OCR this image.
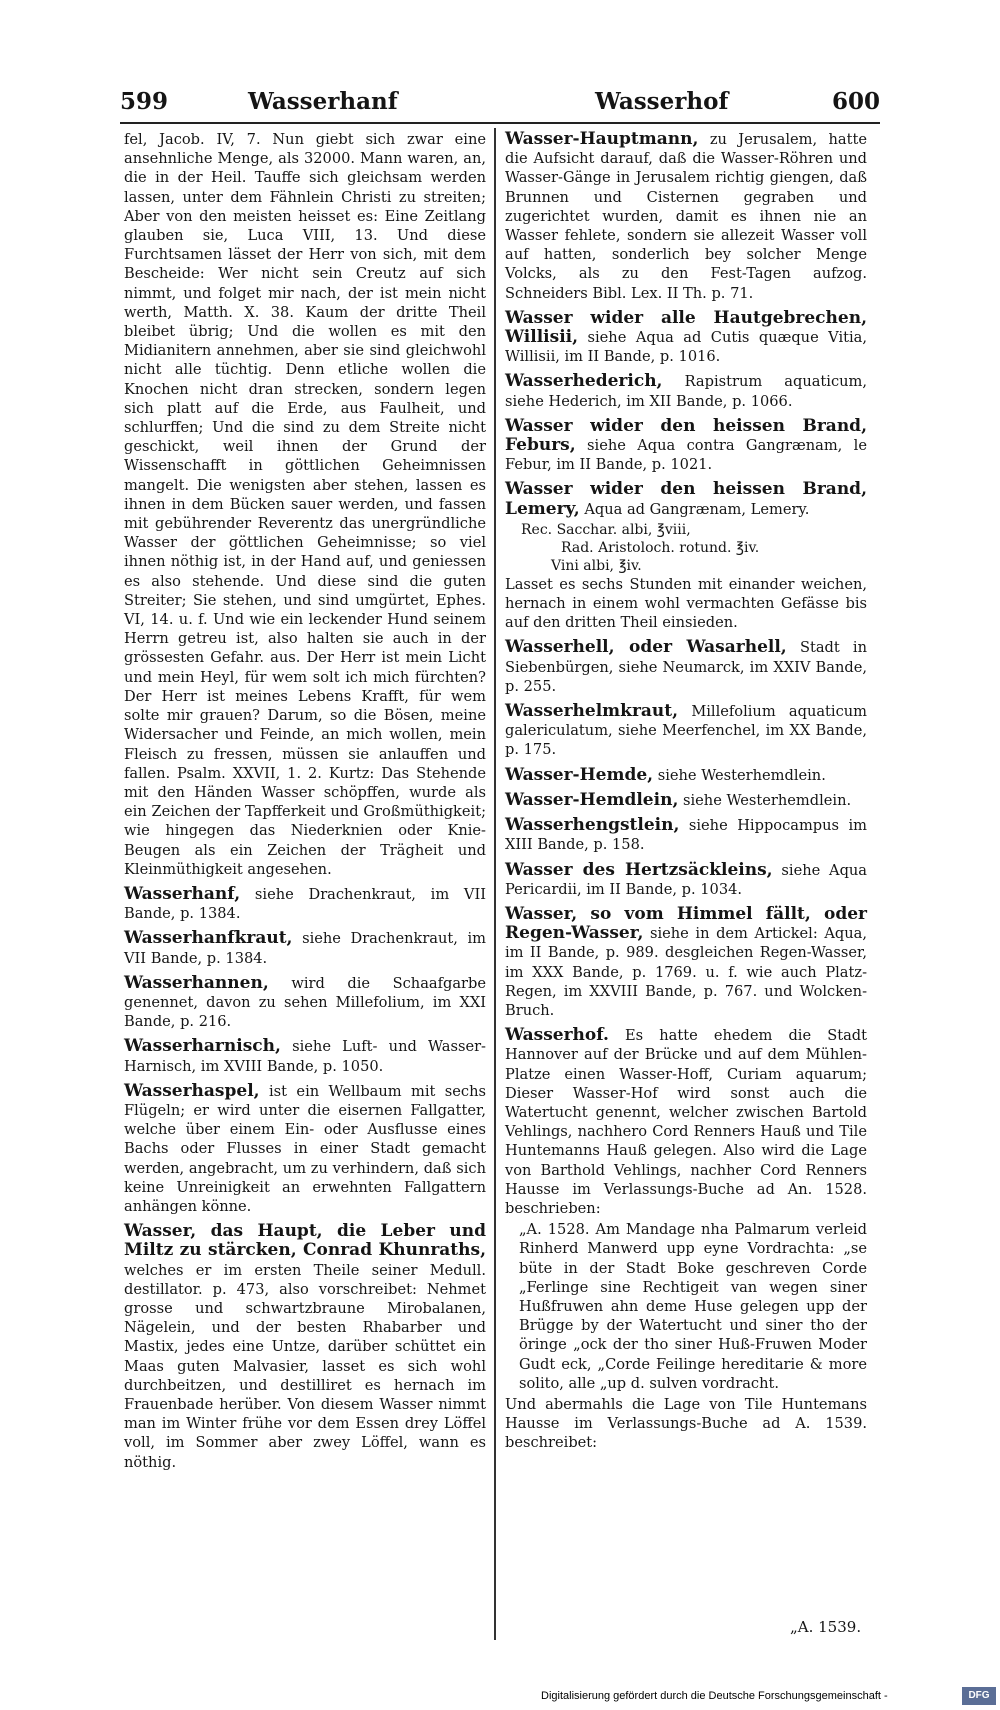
599	Wasserhanf	Wasserhof	600

fel, Jacob. IV, 7. Nun giebt sich zwar eine ansehnliche Menge, als 32000. Mann waren, an, die in der Heil. Tauffe sich gleichsam werden lassen, unter dem Fähnlein Christi zu streiten; Aber von den meisten heisset es: Eine Zeitlang glauben sie, Luca VIII, 13. Und diese Furchtsamen lässet der Herr von sich, mit dem Bescheide: Wer nicht sein Creutz auf sich nimmt, und folget mir nach, der ist mein nicht werth, Matth. X. 38. Kaum der dritte Theil bleibet übrig; Und die wollen es mit den Midianitern annehmen, aber sie sind gleichwohl nicht alle tüchtig. Denn etliche wollen die Knochen nicht dran strecken, sondern legen sich platt auf die Erde, aus Faulheit, und schlurffen; Und die sind zu dem Streite nicht geschickt, weil ihnen der Grund der Wissenschafft in göttlichen Geheimnissen mangelt. Die wenigsten aber stehen, lassen es ihnen in dem Bücken sauer werden, und fassen mit gebührender Reverentz das unergründliche Wasser der göttlichen Geheimnisse; so viel ihnen nöthig ist, in der Hand auf, und geniessen es also stehende. Und diese sind die guten Streiter; Sie stehen, und sind umgürtet, Ephes. VI, 14. u. f. Und wie ein leckender Hund seinem Herrn getreu ist, also halten sie auch in der grössesten Gefahr. aus. Der Herr ist mein Licht und mein Heyl, für wem solt ich mich fürchten? Der Herr ist meines Lebens Krafft, für wem solte mir grauen? Darum, so die Bösen, meine Widersacher und Feinde, an mich wollen, mein Fleisch zu fressen, müssen sie anlauffen und fallen. Psalm. XXVII, 1. 2. Kurtz: Das Stehende mit den Händen Wasser schöpffen, wurde als ein Zeichen der Tapfferkeit und Großmüthigkeit; wie hingegen das Niederknien oder Knie-Beugen als ein Zeichen der Trägheit und Kleinmüthigkeit angesehen.

Wasserhanf, siehe Drachenkraut, im VII Bande, p. 1384.

Wasserhanfkraut, siehe Drachenkraut, im VII Bande, p. 1384.

Wasserhannen, wird die Schaafgarbe genennet, davon zu sehen Millefolium, im XXI Bande, p. 216.

Wasserharnisch, siehe Luft- und Wasser-Harnisch, im XVIII Bande, p. 1050.

Wasserhaspel, ist ein Wellbaum mit sechs Flügeln; er wird unter die eisernen Fallgatter, welche über einem Ein- oder Ausflusse eines Bachs oder Flusses in einer Stadt gemacht werden, angebracht, um zu verhindern, daß sich keine Unreinigkeit an erwehnten Fallgattern anhängen könne.

Wasser, das Haupt, die Leber und Miltz zu stärcken, Conrad Khunraths, welches er im ersten Theile seiner Medull. destillator. p. 473, also vorschreibet: Nehmet grosse und schwartzbraune Mirobalanen, Nägelein, und der besten Rhabarber und Mastix, jedes eine Untze, darüber schüttet ein Maas guten Malvasier, lasset es sich wohl durchbeitzen, und destilliret es hernach im Frauenbade herüber. Von diesem Wasser nimmt man im Winter frühe vor dem Essen drey Löffel voll, im Sommer aber zwey Löffel, wann es nöthig.

Wasser-Hauptmann, zu Jerusalem, hatte die Aufsicht darauf, daß die Wasser-Röhren und Wasser-Gänge in Jerusalem richtig giengen, daß Brunnen und Cisternen gegraben und zugerichtet wurden, damit es ihnen nie an Wasser fehlete, sondern sie allezeit Wasser voll auf hatten, sonderlich bey solcher Menge Volcks, als zu den Fest-Tagen aufzog. Schneiders Bibl. Lex. II Th. p. 71.

Wasser wider alle Hautgebrechen, Willisii, siehe Aqua ad Cutis quæque Vitia, Willisii, im II Bande, p. 1016.

Wasserhederich, Rapistrum aquaticum, siehe Hederich, im XII Bande, p. 1066.

Wasser wider den heissen Brand, Feburs, siehe Aqua contra Gangrænam, le Febur, im II Bande, p. 1021.

Wasser wider den heissen Brand, Lemery, Aqua ad Gangrænam, Lemery.

Rec. Sacchar. albi, ℥viii,
Rad. Aristoloch. rotund. ℥iv.
Vini albi, ℥iv.

Lasset es sechs Stunden mit einander weichen, hernach in einem wohl vermachten Gefässe bis auf den dritten Theil einsieden.

Wasserhell, oder Wasarhell, Stadt in Siebenbürgen, siehe Neumarck, im XXIV Bande, p. 255.

Wasserhelmkraut, Millefolium aquaticum galericulatum, siehe Meerfenchel, im XX Bande, p. 175.

Wasser-Hemde, siehe Westerhemdlein.

Wasser-Hemdlein, siehe Westerhemdlein.

Wasserhengstlein, siehe Hippocampus im XIII Bande, p. 158.

Wasser des Hertzsäckleins, siehe Aqua Pericardii, im II Bande, p. 1034.

Wasser, so vom Himmel fällt, oder Regen-Wasser, siehe in dem Artickel: Aqua, im II Bande, p. 989. desgleichen Regen-Wasser, im XXX Bande, p. 1769. u. f. wie auch Platz-Regen, im XXVIII Bande, p. 767. und Wolcken-Bruch.

Wasserhof. Es hatte ehedem die Stadt Hannover auf der Brücke und auf dem Mühlen-Platze einen Wasser-Hoff, Curiam aquarum; Dieser Wasser-Hof wird sonst auch die Watertucht genennt, welcher zwischen Bartold Vehlings, nachhero Cord Renners Hauß und Tile Huntemanns Hauß gelegen. Also wird die Lage von Barthold Vehlings, nachher Cord Renners Hausse im Verlassungs-Buche ad An. 1528. beschrieben:

„A. 1528. Am Mandage nha Palmarum verleid Rinherd Manwerd upp eyne Vordrachta: „se büte in der Stadt Boke geschreven Corde „Ferlinge sine Rechtigeit van wegen siner Hußfruwen ahn deme Huse gelegen upp der Brügge by der Watertucht und siner tho der öringe „ock der tho siner Huß-Fruwen Moder Gudt eck, „Corde Feilinge hereditarie & more solito, alle „up d. sulven vordracht.

Und abermahls die Lage von Tile Huntemans Hausse im Verlassungs-Buche ad A. 1539. beschreibet:

„A. 1539.
Digitalisierung gefördert durch die Deutsche Forschungsgemeinschaft -	DFG
